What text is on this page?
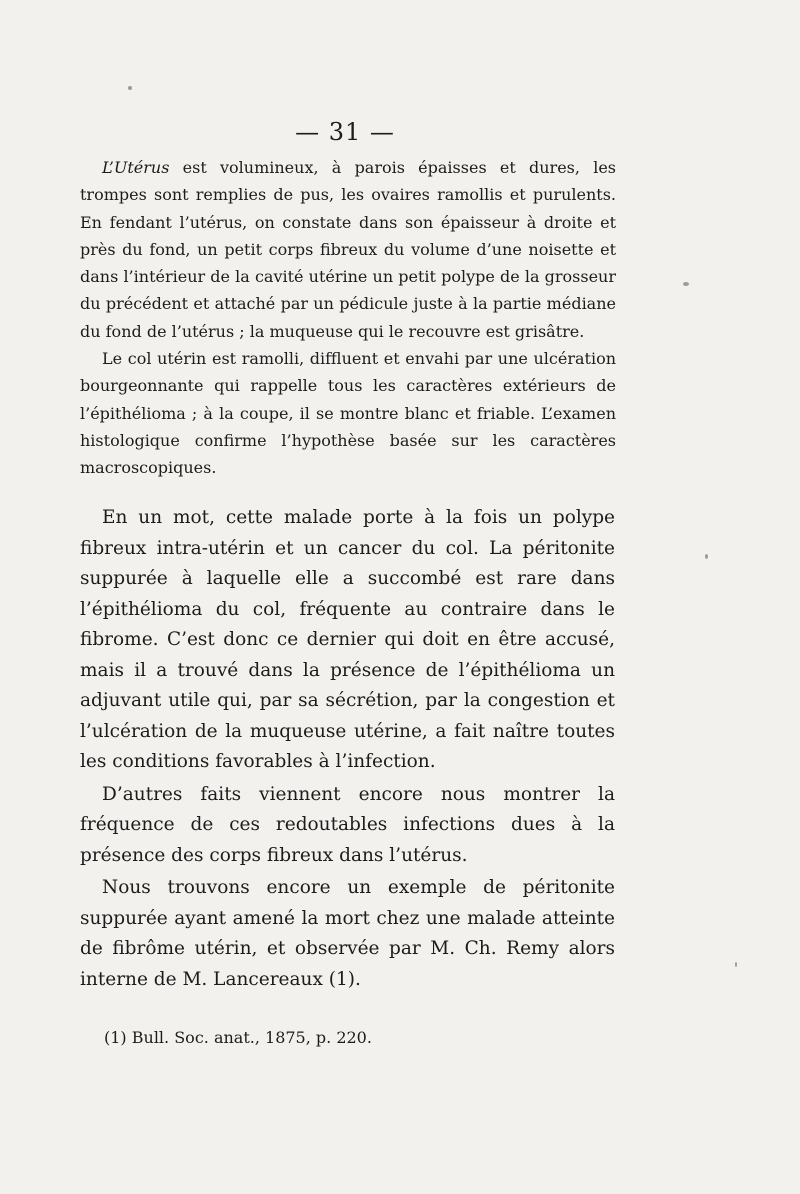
— 31 —

L’Utérus est volumineux, à parois épaisses et dures, les trompes sont remplies de pus, les ovaires ramollis et purulents. En fendant l’utérus, on constate dans son épaisseur à droite et près du fond, un petit corps fibreux du volume d’une noisette et dans l’intérieur de la cavité utérine un petit polype de la grosseur du précédent et attaché par un pédicule juste à la partie médiane du fond de l’utérus ; la muqueuse qui le recouvre est grisâtre.

Le col utérin est ramolli, diffluent et envahi par une ulcération bourgeonnante qui rappelle tous les caractères extérieurs de l’épithélioma ; à la coupe, il se montre blanc et friable. L’examen histologique confirme l’hypothèse basée sur les caractères macroscopiques.

En un mot, cette malade porte à la fois un polype fibreux intra-utérin et un cancer du col. La péritonite suppurée à laquelle elle a succombé est rare dans l’épithélioma du col, fréquente au contraire dans le fibrome. C’est donc ce dernier qui doit en être accusé, mais il a trouvé dans la présence de l’épithélioma un adjuvant utile qui, par sa sécrétion, par la congestion et l’ulcération de la muqueuse utérine, a fait naître toutes les conditions favorables à l’infection.

D’autres faits viennent encore nous montrer la fréquence de ces redoutables infections dues à la présence des corps fibreux dans l’utérus.

Nous trouvons encore un exemple de péritonite suppurée ayant amené la mort chez une malade atteinte de fibrôme utérin, et observée par M. Ch. Remy alors interne de M. Lancereaux (1).

(1) Bull. Soc. anat., 1875, p. 220.
